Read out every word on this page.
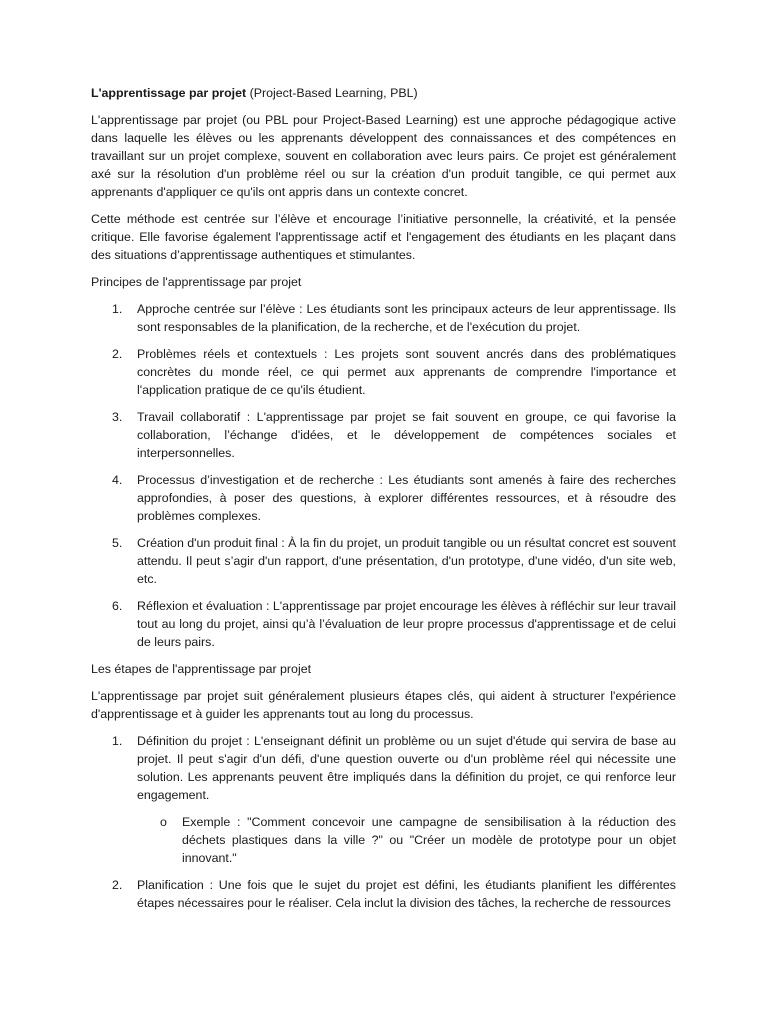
L'apprentissage par projet (Project-Based Learning, PBL)

L'apprentissage par projet (ou PBL pour Project-Based Learning) est une approche pédagogique active dans laquelle les élèves ou les apprenants développent des connaissances et des compétences en travaillant sur un projet complexe, souvent en collaboration avec leurs pairs. Ce projet est généralement axé sur la résolution d'un problème réel ou sur la création d'un produit tangible, ce qui permet aux apprenants d'appliquer ce qu'ils ont appris dans un contexte concret.

Cette méthode est centrée sur l’élève et encourage l’initiative personnelle, la créativité, et la pensée critique. Elle favorise également l'apprentissage actif et l'engagement des étudiants en les plaçant dans des situations d’apprentissage authentiques et stimulantes.

Principes de l'apprentissage par projet

1. Approche centrée sur l’élève : Les étudiants sont les principaux acteurs de leur apprentissage. Ils sont responsables de la planification, de la recherche, et de l'exécution du projet.
2. Problèmes réels et contextuels : Les projets sont souvent ancrés dans des problématiques concrètes du monde réel, ce qui permet aux apprenants de comprendre l'importance et l'application pratique de ce qu'ils étudient.
3. Travail collaboratif : L'apprentissage par projet se fait souvent en groupe, ce qui favorise la collaboration, l’échange d'idées, et le développement de compétences sociales et interpersonnelles.
4. Processus d’investigation et de recherche : Les étudiants sont amenés à faire des recherches approfondies, à poser des questions, à explorer différentes ressources, et à résoudre des problèmes complexes.
5. Création d'un produit final : À la fin du projet, un produit tangible ou un résultat concret est souvent attendu. Il peut s’agir d'un rapport, d'une présentation, d'un prototype, d'une vidéo, d'un site web, etc.
6. Réflexion et évaluation : L'apprentissage par projet encourage les élèves à réfléchir sur leur travail tout au long du projet, ainsi qu’à l’évaluation de leur propre processus d'apprentissage et de celui de leurs pairs.

Les étapes de l'apprentissage par projet

L'apprentissage par projet suit généralement plusieurs étapes clés, qui aident à structurer l'expérience d'apprentissage et à guider les apprenants tout au long du processus.

1. Définition du projet : L'enseignant définit un problème ou un sujet d'étude qui servira de base au projet. Il peut s'agir d'un défi, d'une question ouverte ou d'un problème réel qui nécessite une solution. Les apprenants peuvent être impliqués dans la définition du projet, ce qui renforce leur engagement.
o Exemple : "Comment concevoir une campagne de sensibilisation à la réduction des déchets plastiques dans la ville ?" ou "Créer un modèle de prototype pour un objet innovant."
2. Planification : Une fois que le sujet du projet est défini, les étudiants planifient les différentes étapes nécessaires pour le réaliser. Cela inclut la division des tâches, la recherche de ressources
